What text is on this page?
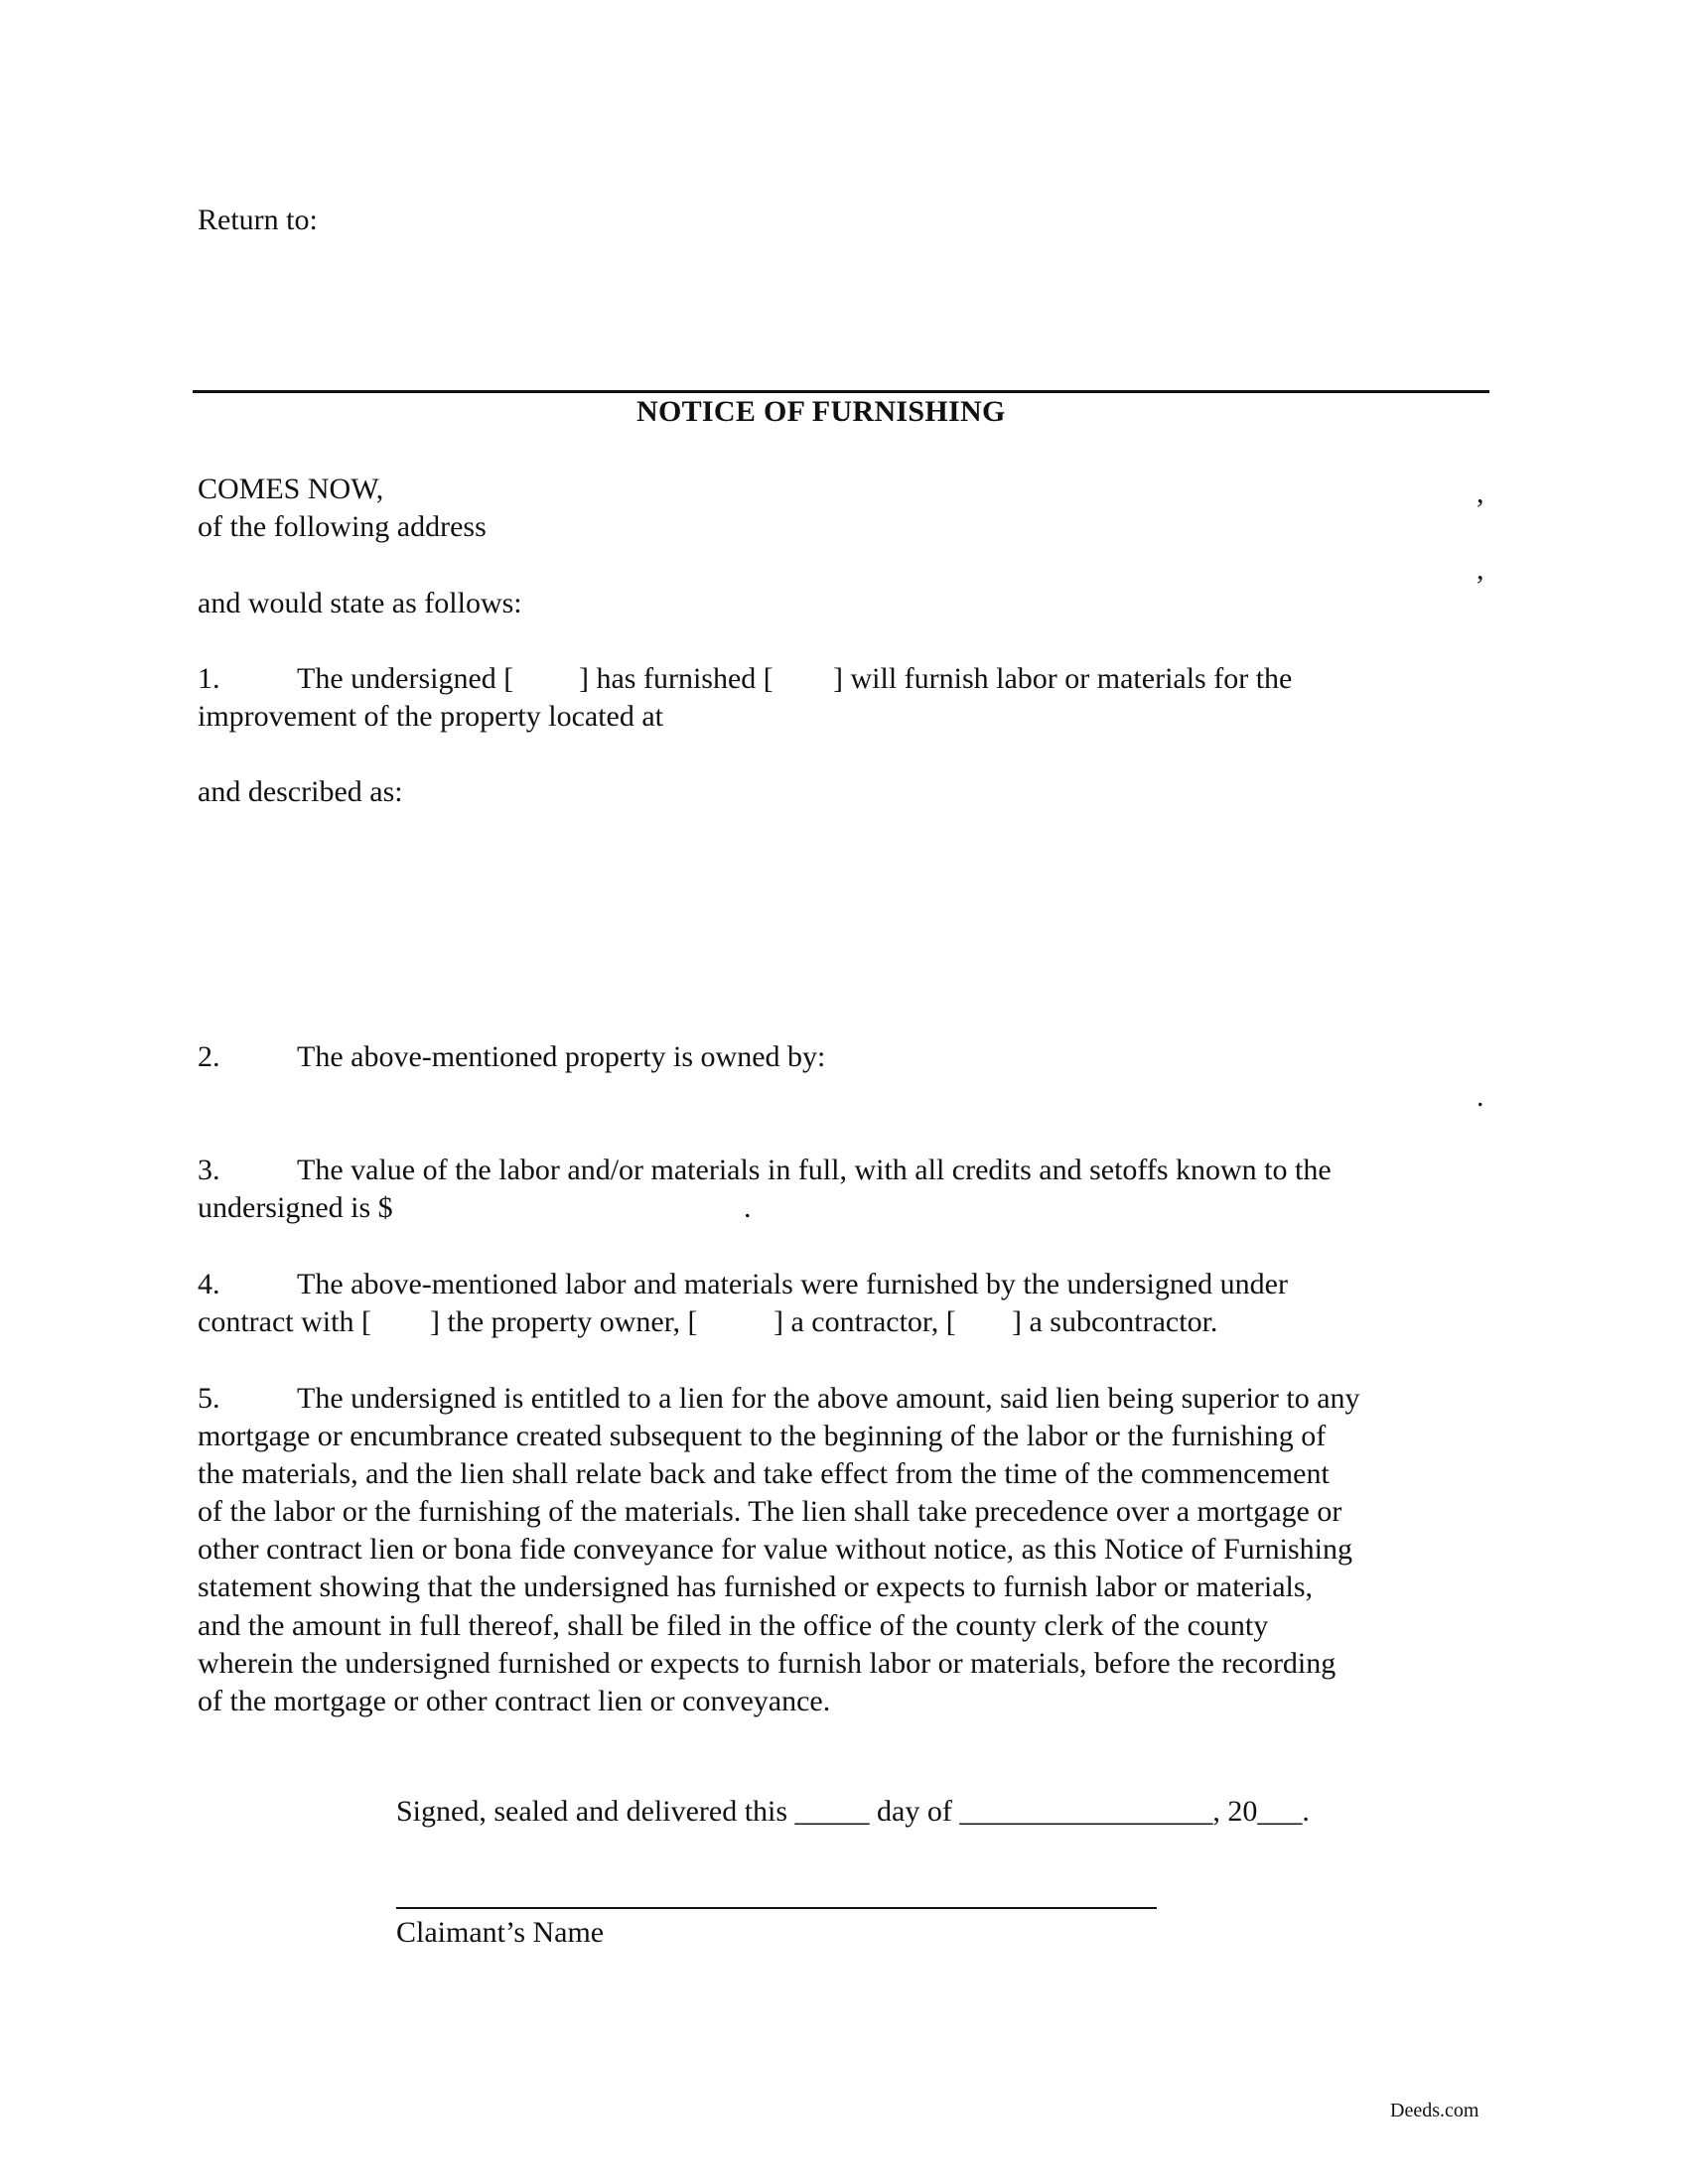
Return to:
NOTICE OF FURNISHING
COMES NOW,	,
of the following address
,
and would state as follows:
1.	The undersigned [ ] has furnished [ ] will furnish labor or materials for the
improvement of the property located at
and described as:
2.	The above-mentioned property is owned by:
.
3.	The value of the labor and/or materials in full, with all credits and setoffs known to the
undersigned is $	.
4.	The above-mentioned labor and materials were furnished by the undersigned under
contract with [ ] the property owner, [	] a contractor, [ ] a subcontractor.
5.	The undersigned is entitled to a lien for the above amount, said lien being superior to any
mortgage or encumbrance created subsequent to the beginning of the labor or the furnishing of
the materials, and the lien shall relate back and take effect from the time of the commencement
of the labor or the furnishing of the materials. The lien shall take precedence over a mortgage or
other contract lien or bona fide conveyance for value without notice, as this Notice of Furnishing
statement showing that the undersigned has furnished or expects to furnish labor or materials,
and the amount in full thereof, shall be filed in the office of the county clerk of the county
wherein the undersigned furnished or expects to furnish labor or materials, before the recording
of the mortgage or other contract lien or conveyance.
Signed, sealed and delivered this _____ day of _________________, 20___.
Claimant’s Name
Deeds.com
